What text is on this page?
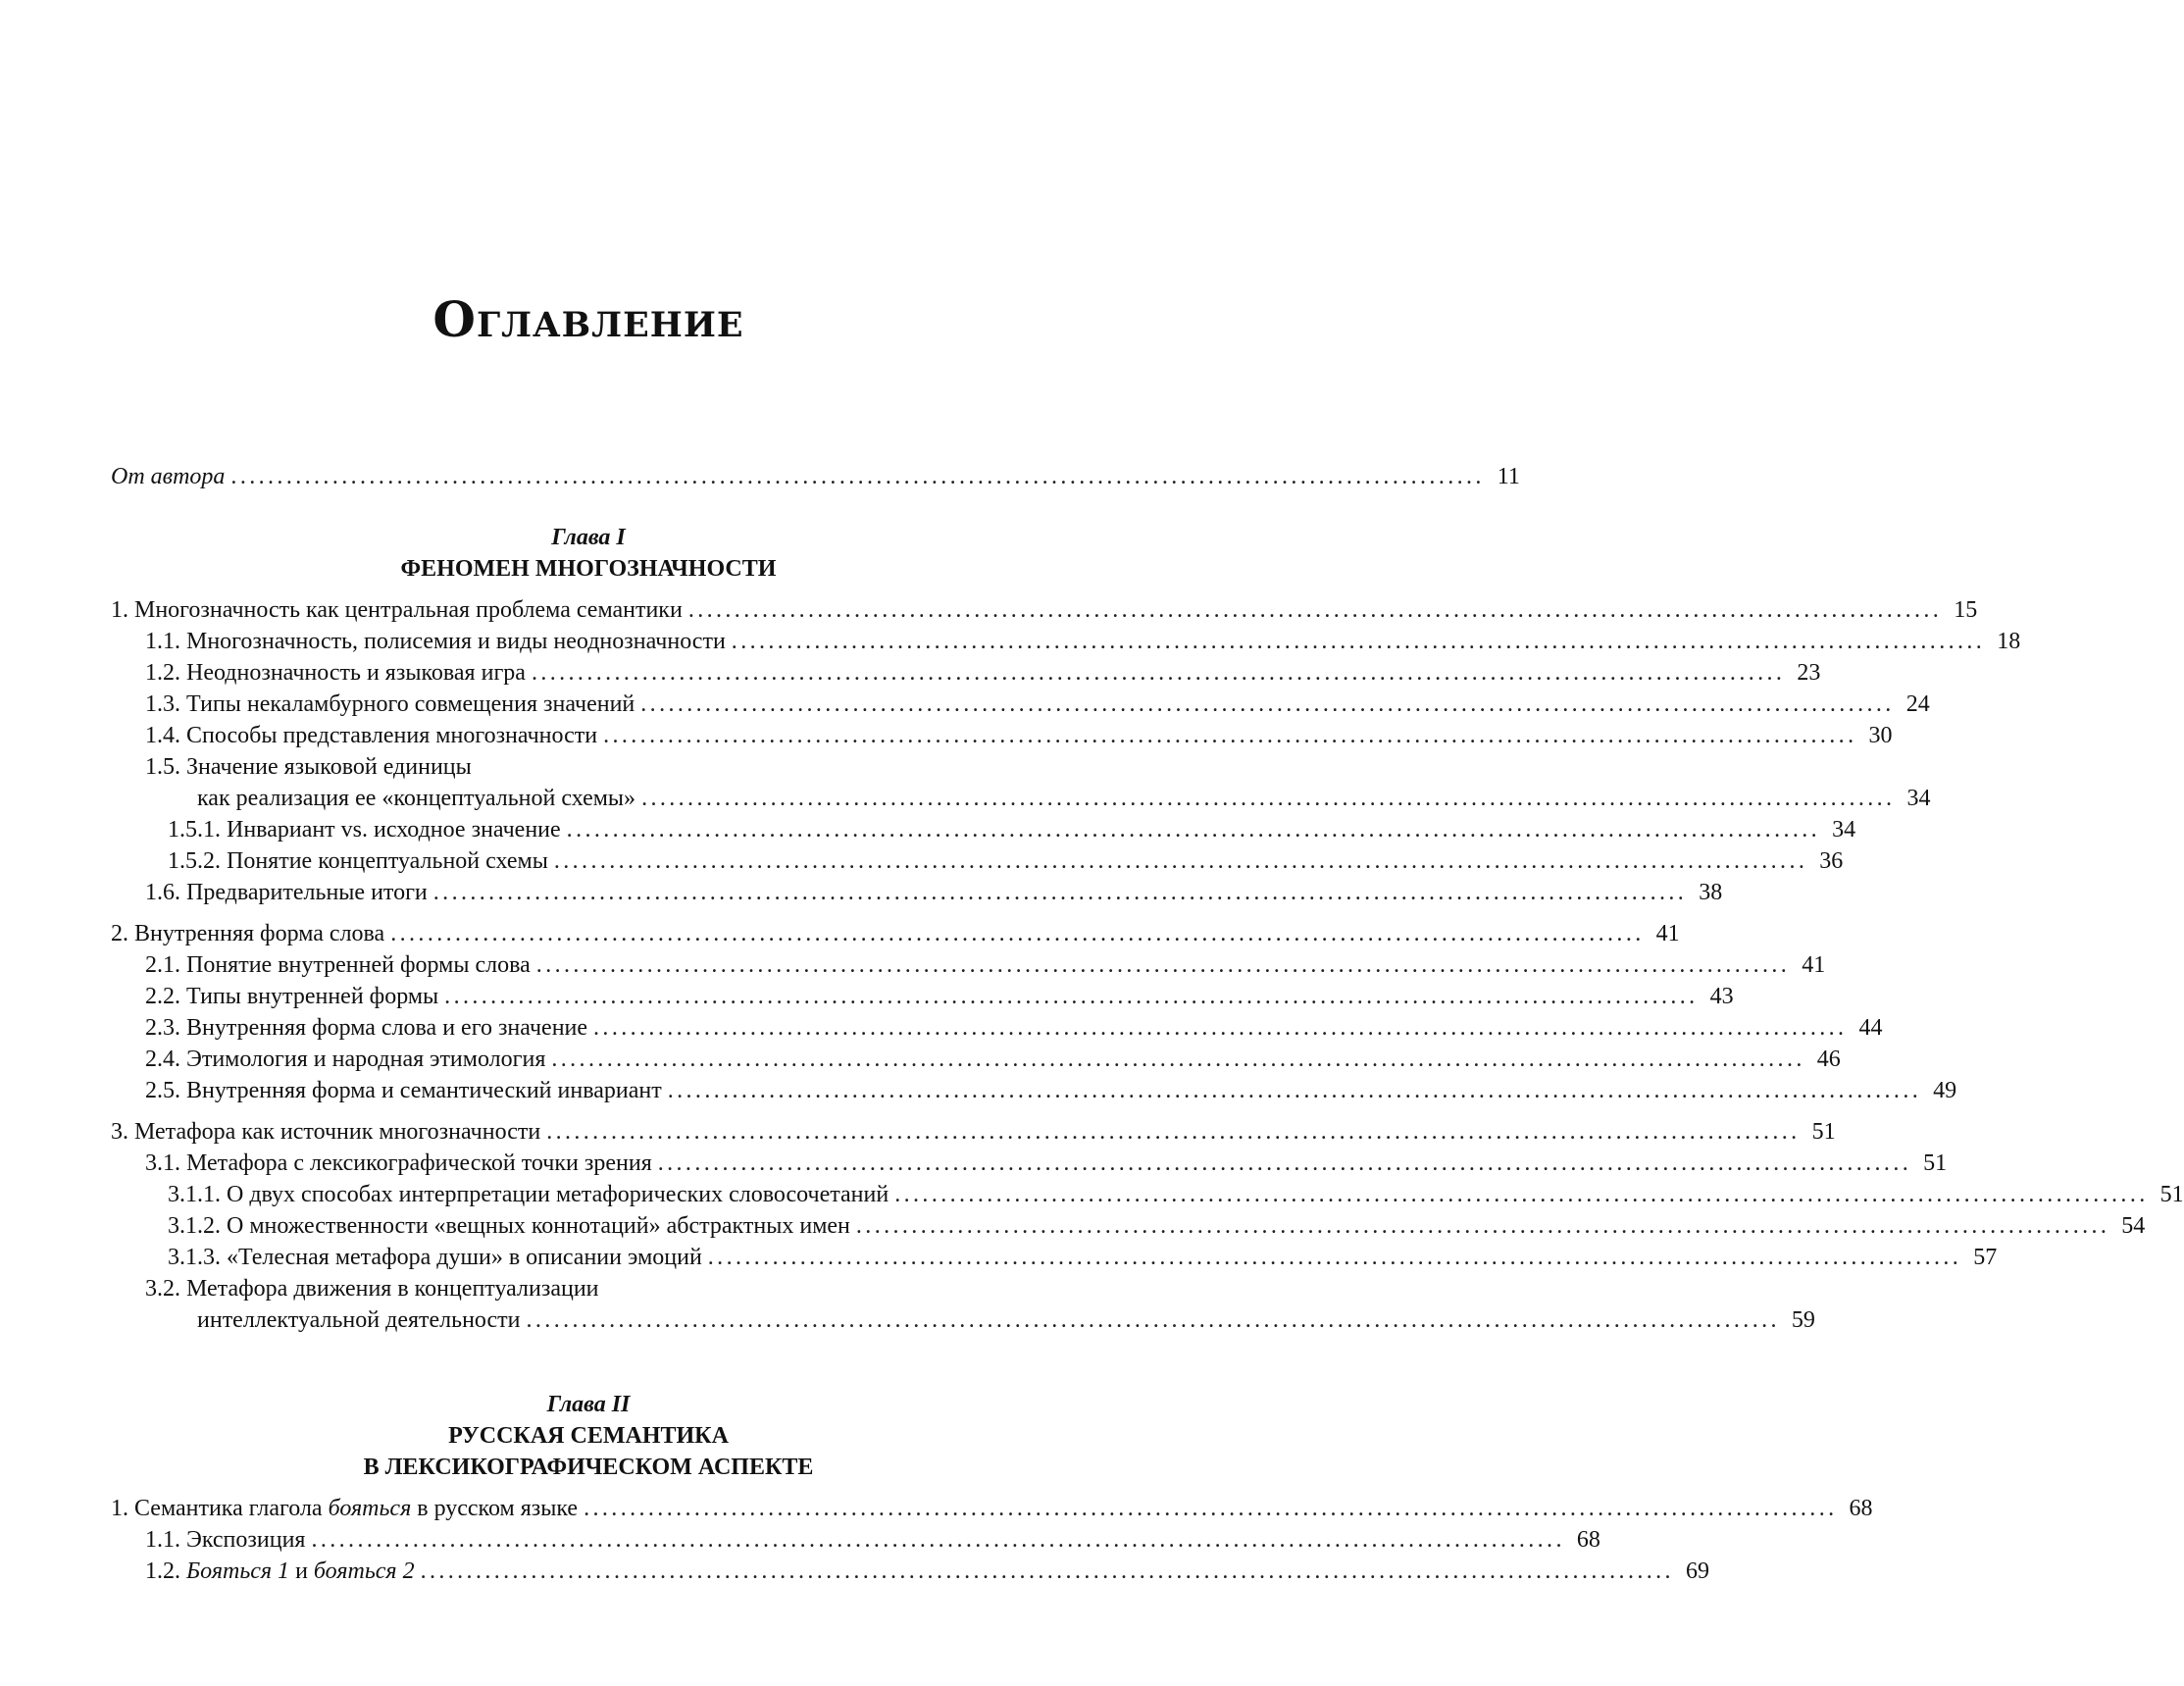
Оглавление
От автора ........................................................................................................................................ 11
Глава I
ФЕНОМЕН МНОГОЗНАЧНОСТИ
1. Многозначность как центральная проблема семантики ........................................................................................................................................ 15
1.1. Многозначность, полисемия и виды неоднозначности ........................................................................................................................................ 18
1.2. Неоднозначность и языковая игра ........................................................................................................................................ 23
1.3. Типы некаламбурного совмещения значений ........................................................................................................................................ 24
1.4. Способы представления многозначности ........................................................................................................................................ 30
1.5. Значение языковой единицы
как реализация ее «концептуальной схемы» ........................................................................................................................................ 34
1.5.1. Инвариант vs. исходное значение ........................................................................................................................................ 34
1.5.2. Понятие концептуальной схемы ........................................................................................................................................ 36
1.6. Предварительные итоги ........................................................................................................................................ 38
2. Внутренняя форма слова ........................................................................................................................................ 41
2.1. Понятие внутренней формы слова ........................................................................................................................................ 41
2.2. Типы внутренней формы ........................................................................................................................................ 43
2.3. Внутренняя форма слова и его значение ........................................................................................................................................ 44
2.4. Этимология и народная этимология ........................................................................................................................................ 46
2.5. Внутренняя форма и семантический инвариант ........................................................................................................................................ 49
3. Метафора как источник многозначности ........................................................................................................................................ 51
3.1. Метафора с лексикографической точки зрения ........................................................................................................................................ 51
3.1.1. О двух способах интерпретации метафорических словосочетаний ........................................................................................................................................ 51
3.1.2. О множественности «вещных коннотаций» абстрактных имен ........................................................................................................................................ 54
3.1.3. «Телесная метафора души» в описании эмоций ........................................................................................................................................ 57
3.2. Метафора движения в концептуализации
интеллектуальной деятельности ........................................................................................................................................ 59
Глава II
РУССКАЯ СЕМАНТИКА
В ЛЕКСИКОГРАФИЧЕСКОМ АСПЕКТЕ
1. Семантика глагола бояться в русском языке ........................................................................................................................................ 68
1.1. Экспозиция ........................................................................................................................................ 68
1.2. Бояться 1 и бояться 2 ........................................................................................................................................ 69
